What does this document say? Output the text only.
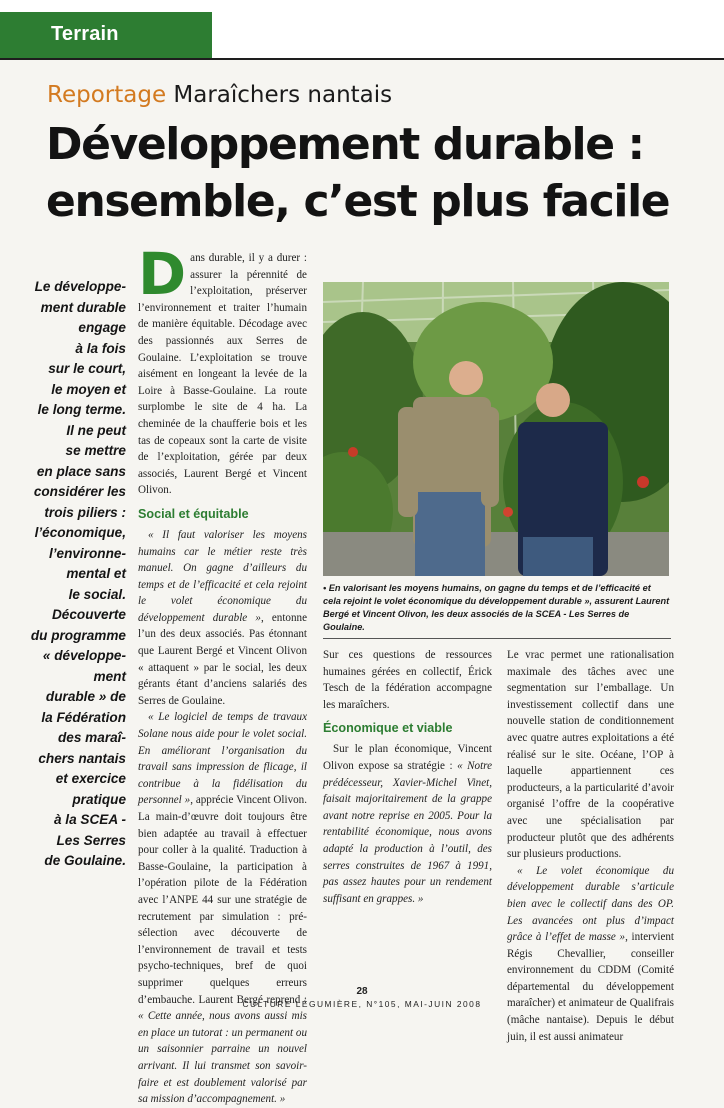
Terrain
Reportage Maraîchers nantais
Développement durable :
ensemble, c’est plus facile
Le développe-
ment durable
engage
à la fois
sur le court,
le moyen et
le long terme.
Il ne peut
se mettre
en place sans
considérer les
trois piliers :
l’économique,
l’environne-
mental et
le social.
Découverte
du programme
« développe-
ment
durable » de
la Fédération
des maraî-
chers nantais
et exercice
pratique
à la SCEA -
Les Serres
de Goulaine.

D ans durable, il y a durer : assurer la pérennité de l’exploitation, préserver l’environnement et traiter l’humain de manière équitable. Décodage avec des passionnés aux Serres de Goulaine. L’exploitation se trouve aisément en longeant la levée de la Loire à Basse-Goulaine. La route surplombe le site de 4 ha. La cheminée de la chaufferie bois et les tas de copeaux sont la carte de visite de l’exploitation, gérée par deux associés, Laurent Bergé et Vincent Olivon.

Social et équitable

« Il faut valoriser les moyens humains car le métier reste très manuel. On gagne d’ailleurs du temps et de l’efficacité et cela rejoint le volet économique du développement durable », entonne l’un des deux associés. Pas étonnant que Laurent Bergé et Vincent Olivon « attaquent » par le social, les deux gérants étant d’anciens salariés des Serres de Goulaine.

« Le logiciel de temps de travaux Solane nous aide pour le volet social. En améliorant l’organisation du travail sans impression de flicage, il contribue à la fidélisation du personnel », apprécie Vincent Olivon. La main-d’œuvre doit toujours être bien adaptée au travail à effectuer pour coller à la qualité. Traduction à Basse-Goulaine, la participation à l’opération pilote de la Fédération avec l’ANPE 44 sur une stratégie de recrutement par simulation : pré-sélection avec découverte de l’environnement de travail et tests psycho-techniques, bref de quoi supprimer quelques erreurs d’embauche. Laurent Bergé reprend : « Cette année, nous avons aussi mis en place un tutorat : un permanent ou un saisonnier parraine un nouvel arrivant. Il lui transmet son savoir-faire et est doublement valorisé par sa mission d’accompagnement. »

• En valorisant les moyens humains, on gagne du temps et de l’efficacité et cela rejoint le volet économique du développement durable », assurent Laurent Bergé et Vincent Olivon, les deux associés de la SCEA - Les Serres de Goulaine.

Sur ces questions de ressources humaines gérées en collectif, Érick Tesch de la fédération accompagne les maraîchers.

Économique et viable

Sur le plan économique, Vincent Olivon expose sa stratégie : « Notre prédécesseur, Xavier-Michel Vinet, faisait majoritairement de la grappe avant notre reprise en 2005. Pour la rentabilité économique, nous avons adapté la production à l’outil, des serres construites de 1967 à 1991, pas assez hautes pour un rendement suffisant en grappes. »

Le vrac permet une rationalisation maximale des tâches avec une segmentation sur l’emballage. Un investissement collectif dans une nouvelle station de conditionnement avec quatre autres exploitations a été réalisé sur le site. Océane, l’OP à laquelle appartiennent ces producteurs, a la particularité d’avoir organisé l’offre de la coopérative avec une spécialisation par producteur plutôt que des adhérents sur plusieurs productions.

« Le volet économique du développement durable s’articule bien avec le collectif dans des OP. Les avancées ont plus d’impact grâce à l’effet de masse », intervient Régis Chevallier, conseiller environnement du CDDM (Comité départemental du développement maraîcher) et animateur de Qualifrais (mâche nantaise). Depuis le début juin, il est aussi animateur

28
CULTURE LÉGUMIÈRE, N°105, MAI-JUIN 2008
